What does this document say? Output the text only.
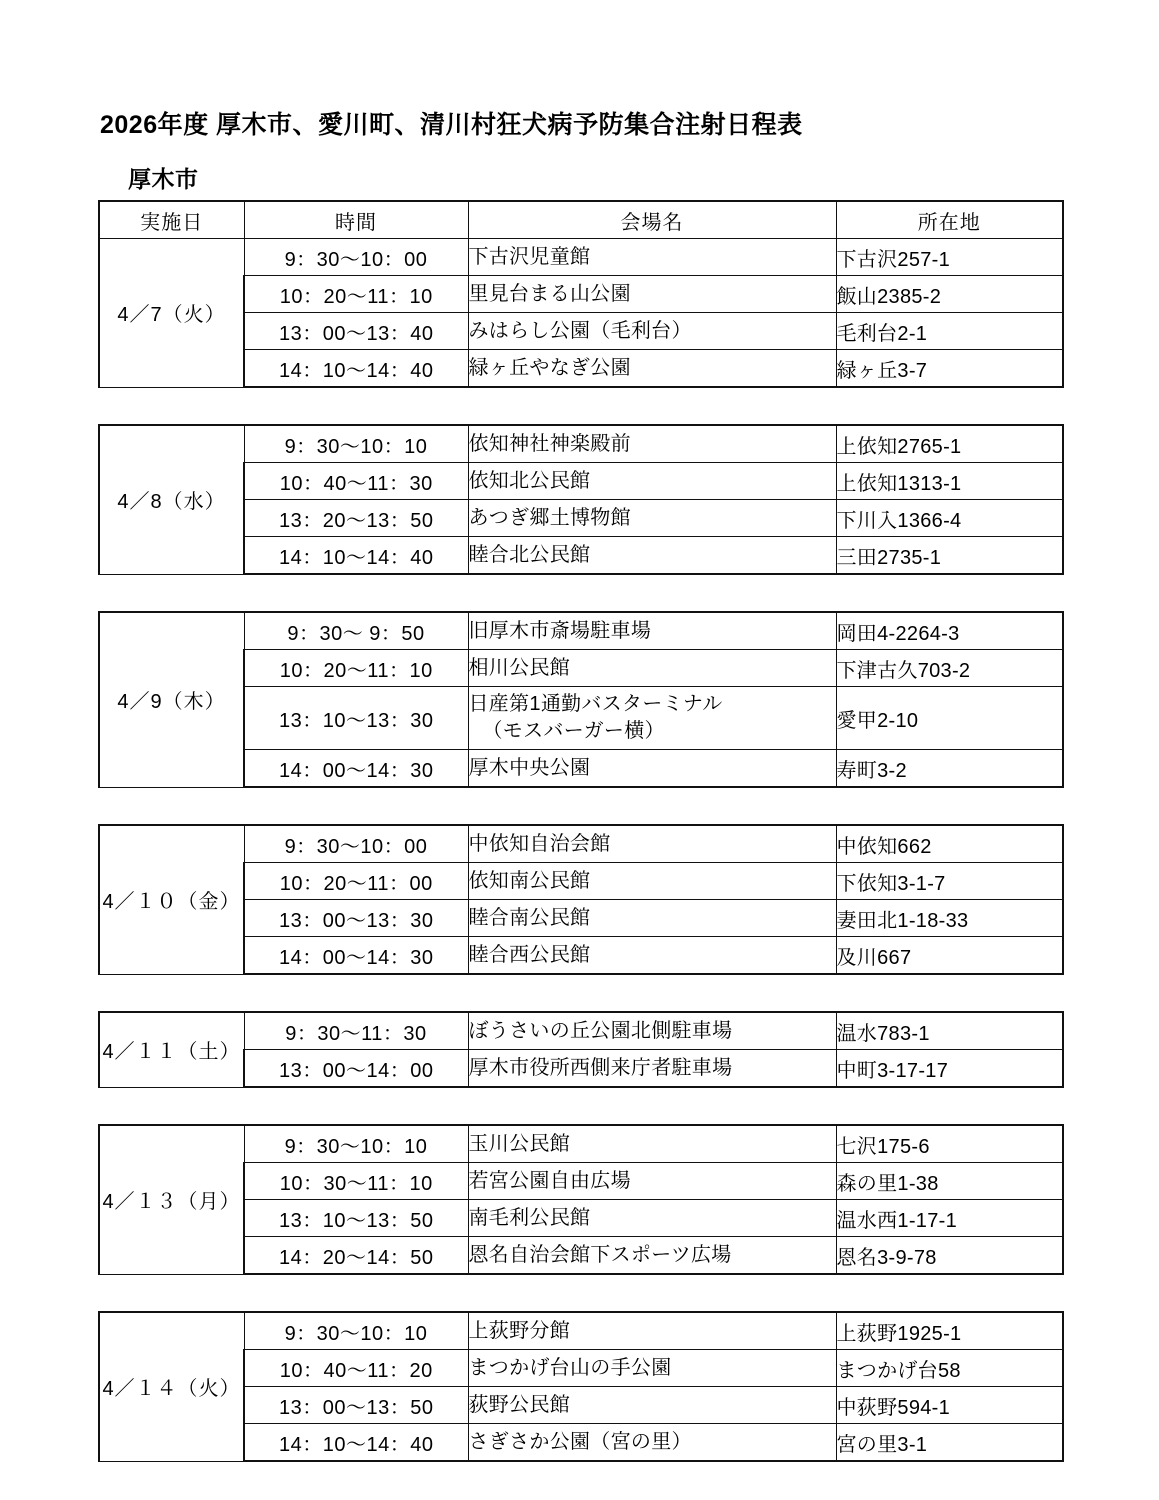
2026年度 厚木市、愛川町、清川村狂犬病予防集合注射日程表
厚木市
実施日	時間	会場名	所在地
4／7（火）	9：30～10：00	下古沢児童館	下古沢257-1
	10：20～11：10	里見台まる山公園	飯山2385-2
	13：00～13：40	みはらし公園（毛利台）	毛利台2-1
	14：10～14：40	緑ヶ丘やなぎ公園	緑ヶ丘3-7
4／8（水）	9：30～10：10	依知神社神楽殿前	上依知2765-1
	10：40～11：30	依知北公民館	上依知1313-1
	13：20～13：50	あつぎ郷土博物館	下川入1366-4
	14：10～14：40	睦合北公民館	三田2735-1
4／9（木）	9：30～ 9：50	旧厚木市斎場駐車場	岡田4-2264-3
	10：20～11：10	相川公民館	下津古久703-2
	13：10～13：30	日産第1通勤バスターミナル
（モスバーガー横）	愛甲2-10
	14：00～14：30	厚木中央公園	寿町3-2
4／１０（金）	9：30～10：00	中依知自治会館	中依知662
	10：20～11：00	依知南公民館	下依知3-1-7
	13：00～13：30	睦合南公民館	妻田北1-18-33
	14：00～14：30	睦合西公民館	及川667
4／１１（土）	9：30～11：30	ぼうさいの丘公園北側駐車場	温水783-1
	13：00～14：00	厚木市役所西側来庁者駐車場	中町3-17-17
4／１３（月）	9：30～10：10	玉川公民館	七沢175-6
	10：30～11：10	若宮公園自由広場	森の里1-38
	13：10～13：50	南毛利公民館	温水西1-17-1
	14：20～14：50	恩名自治会館下スポーツ広場	恩名3-9-78
4／１４（火）	9：30～10：10	上荻野分館	上荻野1925-1
	10：40～11：20	まつかげ台山の手公園	まつかげ台58
	13：00～13：50	荻野公民館	中荻野594-1
	14：10～14：40	さぎさか公園（宮の里）	宮の里3-1
